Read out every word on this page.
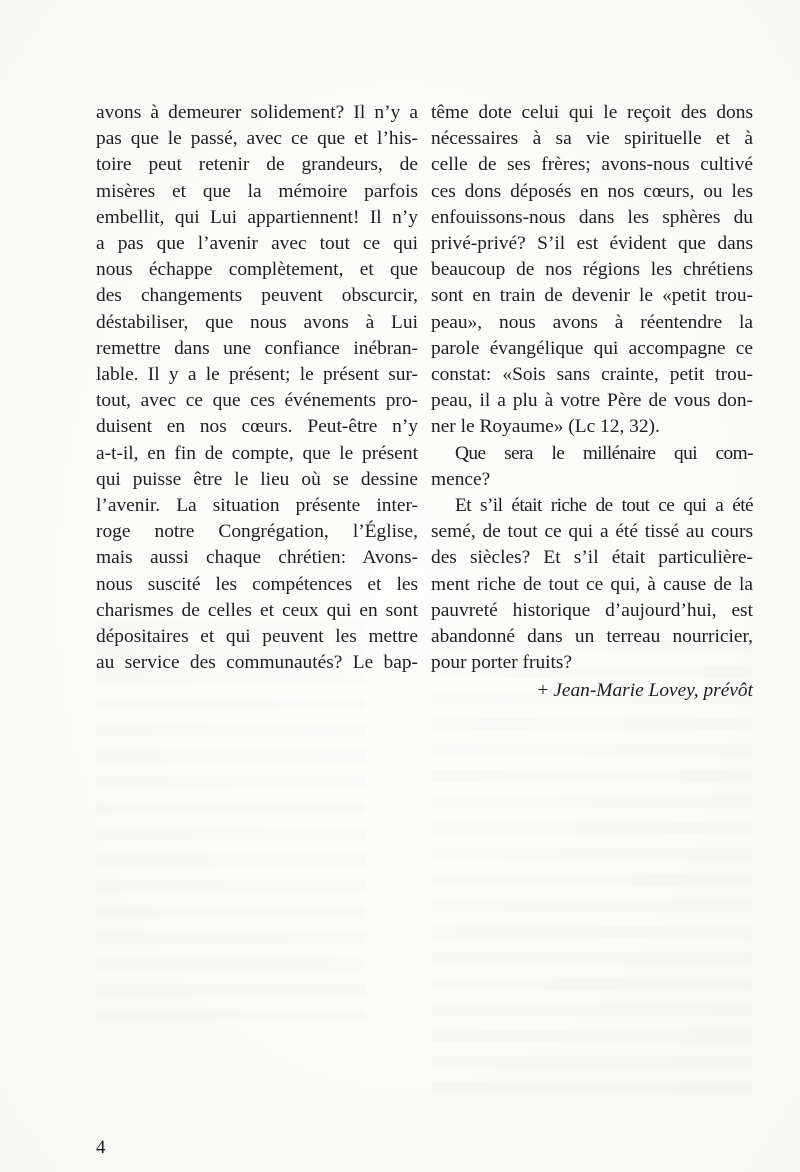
avons à demeurer solidement? Il n’y a
pas que le passé, avec ce que et l’his-
toire peut retenir de grandeurs, de
misères et que la mémoire parfois
embellit, qui Lui appartiennent! Il n’y
a pas que l’avenir avec tout ce qui
nous échappe complètement, et que
des changements peuvent obscurcir,
déstabiliser, que nous avons à Lui
remettre dans une confiance inébran-
lable. Il y a le présent; le présent sur-
tout, avec ce que ces événements pro-
duisent en nos cœurs. Peut-être n’y
a-t-il, en fin de compte, que le présent
qui puisse être le lieu où se dessine
l’avenir. La situation présente inter-
roge notre Congrégation, l’Église,
mais aussi chaque chrétien: Avons-
nous suscité les compétences et les
charismes de celles et ceux qui en sont
dépositaires et qui peuvent les mettre
au service des communautés? Le bap-

tême dote celui qui le reçoit des dons
nécessaires à sa vie spirituelle et à
celle de ses frères; avons-nous cultivé
ces dons déposés en nos cœurs, ou les
enfouissons-nous dans les sphères du
privé-privé? S’il est évident que dans
beaucoup de nos régions les chrétiens
sont en train de devenir le «petit trou-
peau», nous avons à réentendre la
parole évangélique qui accompagne ce
constat: «Sois sans crainte, petit trou-
peau, il a plu à votre Père de vous don-
ner le Royaume» (Lc 12, 32).

Que sera le millénaire qui com-
mence?

Et s’il était riche de tout ce qui a été
semé, de tout ce qui a été tissé au cours
des siècles? Et s’il était particulière-
ment riche de tout ce qui, à cause de la
pauvreté historique d’aujourd’hui, est
abandonné dans un terreau nourricier,
pour porter fruits?

+ Jean-Marie Lovey, prévôt
4
